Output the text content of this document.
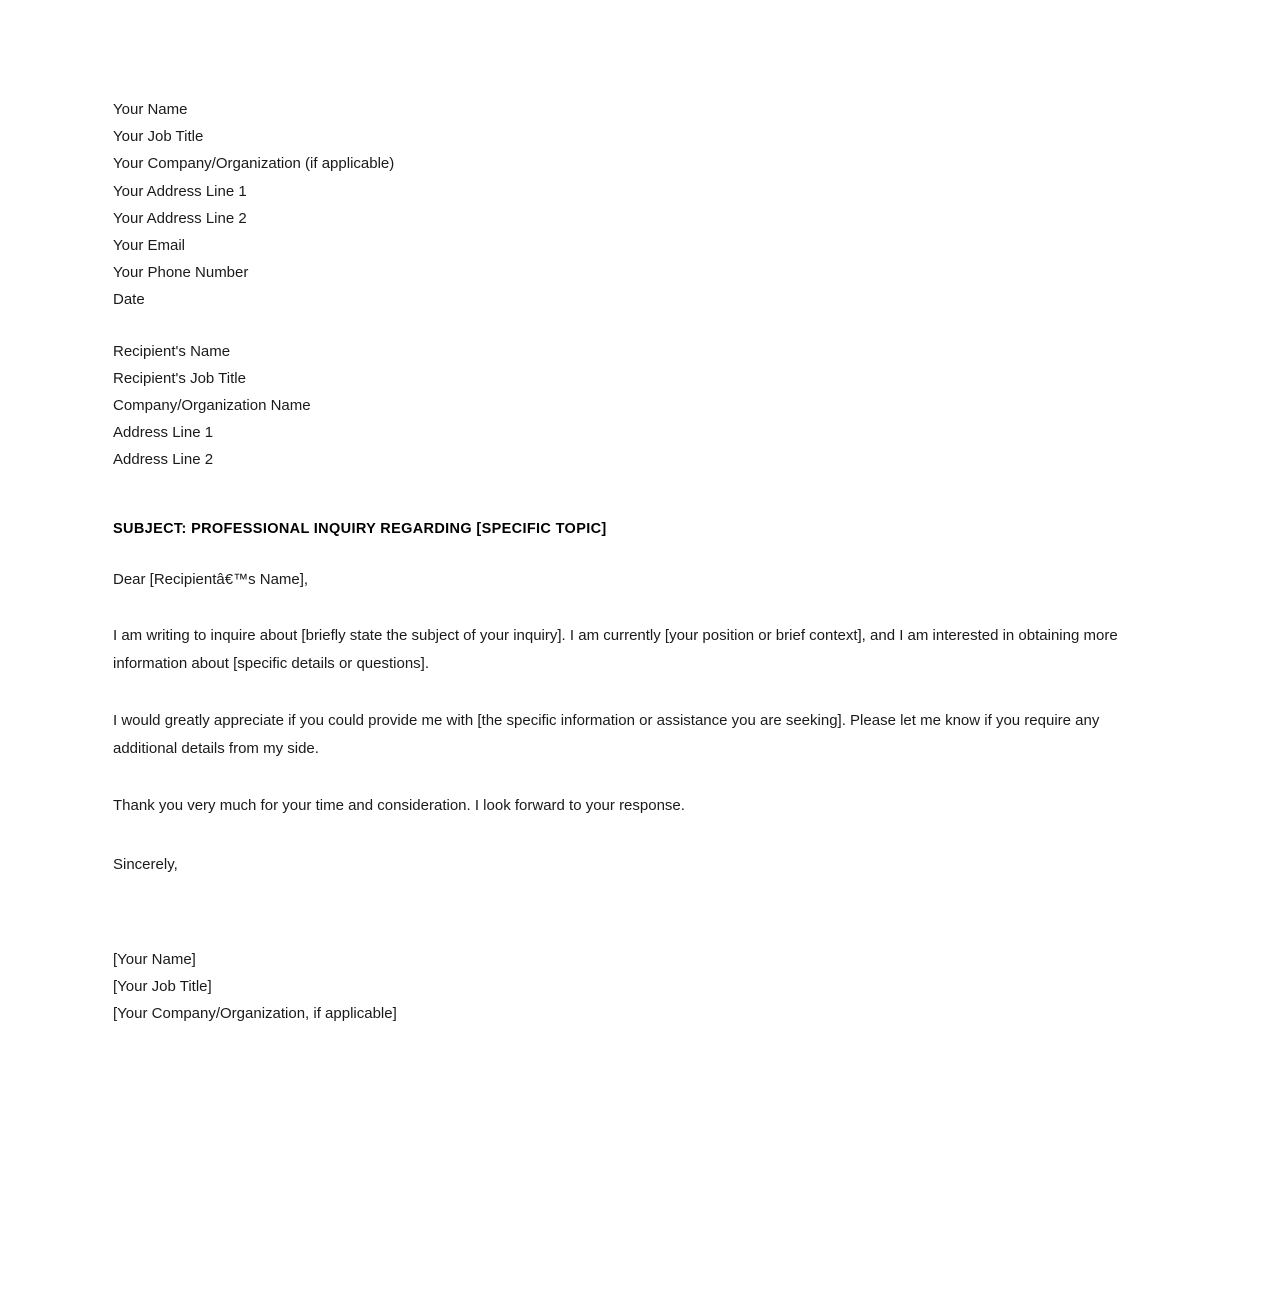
Your Name
Your Job Title
Your Company/Organization (if applicable)
Your Address Line 1
Your Address Line 2
Your Email
Your Phone Number
Date
Recipient's Name
Recipient's Job Title
Company/Organization Name
Address Line 1
Address Line 2
SUBJECT: PROFESSIONAL INQUIRY REGARDING [SPECIFIC TOPIC]
Dear [Recipientâ€™s Name],
I am writing to inquire about [briefly state the subject of your inquiry]. I am currently [your position or brief context], and I am interested in obtaining more information about [specific details or questions].
I would greatly appreciate if you could provide me with [the specific information or assistance you are seeking]. Please let me know if you require any additional details from my side.
Thank you very much for your time and consideration. I look forward to your response.
Sincerely,
[Your Name]
[Your Job Title]
[Your Company/Organization, if applicable]
